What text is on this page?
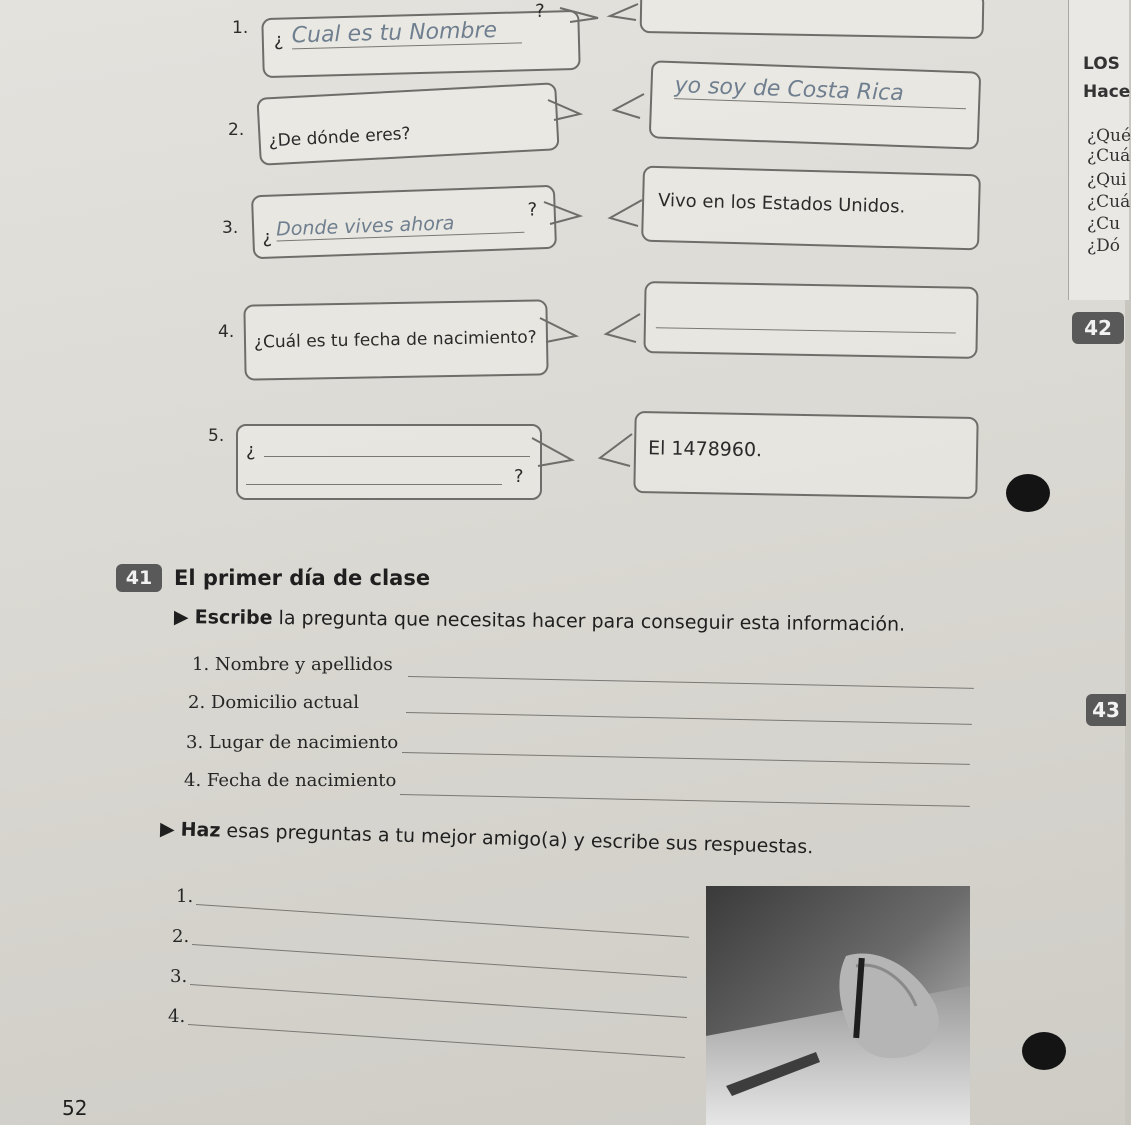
1.
¿ Cual es tu Nombre
?
2. ¿De dónde eres?
yo soy de Costa Rica
3. ¿ Donde vives ahora
?	Vivo en los Estados Unidos.
4. ¿Cuál es tu fecha de nacimiento?
5.
¿
?
El 1478960.
LOS
Hace
¿Qué
¿Cuá
¿Qui
¿Cuá
¿Cu
¿Dó
42
43
41	El primer día de clase
▶ Escribe la pregunta que necesitas hacer para conseguir esta información.
1. Nombre y apellidos
2. Domicilio actual
3. Lugar de nacimiento
4. Fecha de nacimiento
▶ Haz esas preguntas a tu mejor amigo(a) y escribe sus respuestas.
1.
2.
3.
4.
52
